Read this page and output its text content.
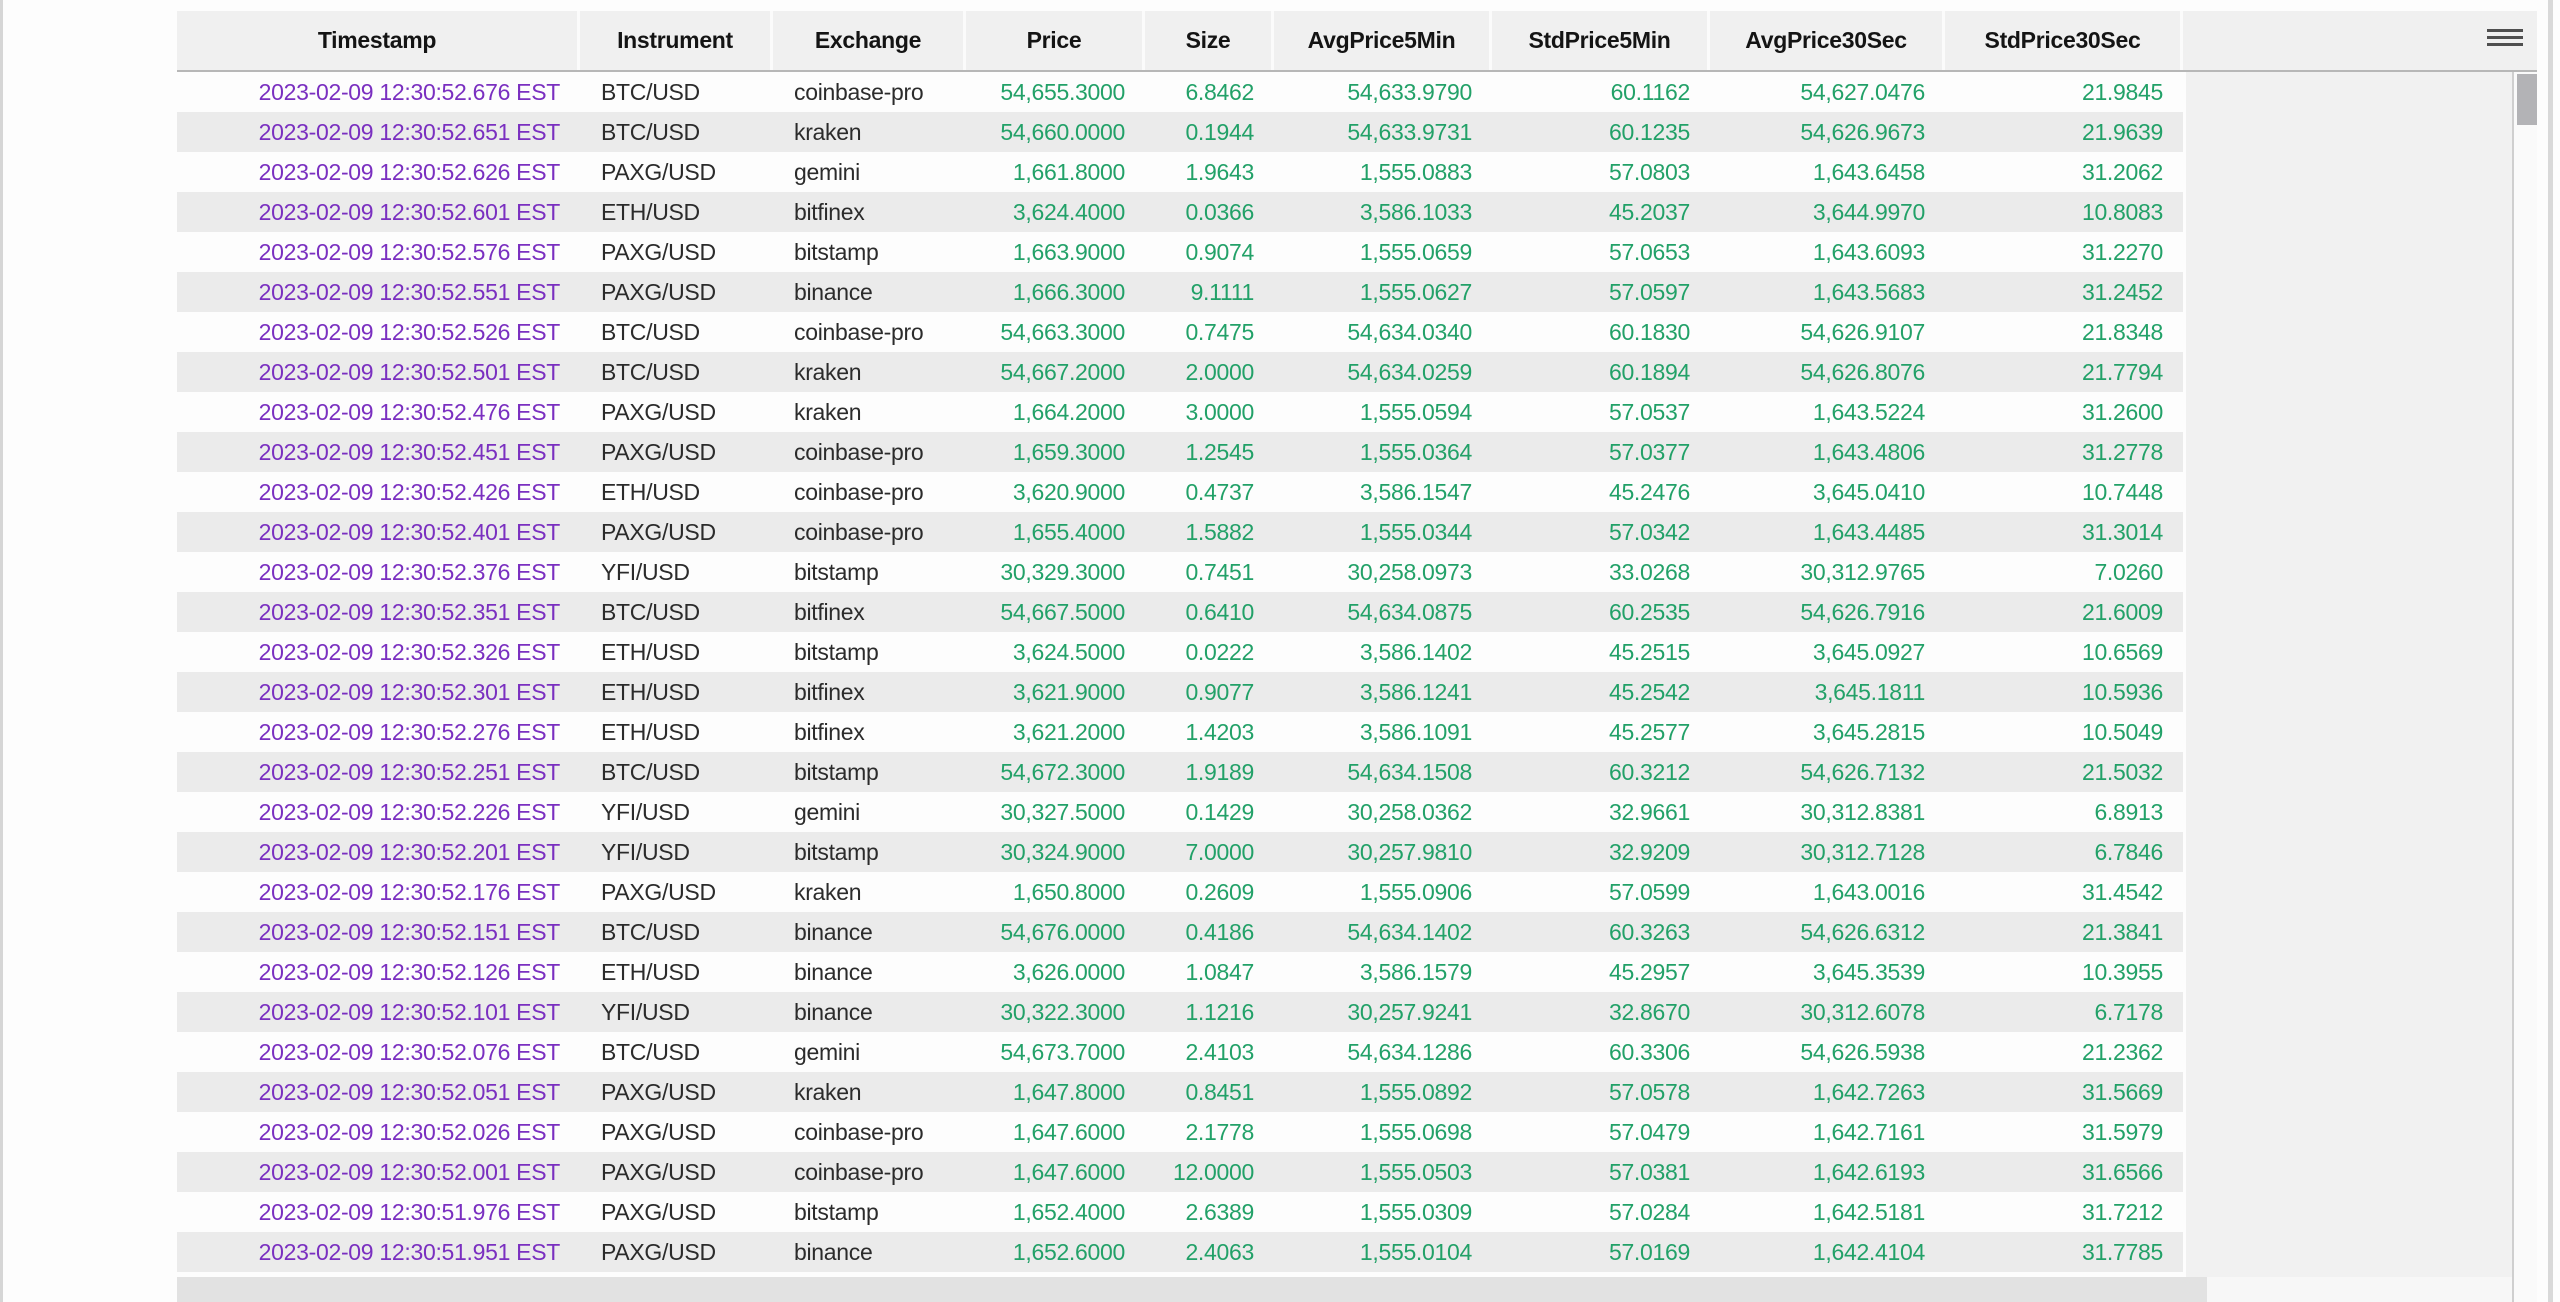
Timestamp	Instrument	Exchange	Price	Size	AvgPrice5Min	StdPrice5Min	AvgPrice30Sec	StdPrice30Sec
2023-02-09 12:30:52.676 EST	BTC/USD	coinbase-pro	54,655.3000	6.8462	54,633.9790	60.1162	54,627.0476	21.9845
2023-02-09 12:30:52.651 EST	BTC/USD	kraken	54,660.0000	0.1944	54,633.9731	60.1235	54,626.9673	21.9639
2023-02-09 12:30:52.626 EST	PAXG/USD	gemini	1,661.8000	1.9643	1,555.0883	57.0803	1,643.6458	31.2062
2023-02-09 12:30:52.601 EST	ETH/USD	bitfinex	3,624.4000	0.0366	3,586.1033	45.2037	3,644.9970	10.8083
2023-02-09 12:30:52.576 EST	PAXG/USD	bitstamp	1,663.9000	0.9074	1,555.0659	57.0653	1,643.6093	31.2270
2023-02-09 12:30:52.551 EST	PAXG/USD	binance	1,666.3000	9.1111	1,555.0627	57.0597	1,643.5683	31.2452
2023-02-09 12:30:52.526 EST	BTC/USD	coinbase-pro	54,663.3000	0.7475	54,634.0340	60.1830	54,626.9107	21.8348
2023-02-09 12:30:52.501 EST	BTC/USD	kraken	54,667.2000	2.0000	54,634.0259	60.1894	54,626.8076	21.7794
2023-02-09 12:30:52.476 EST	PAXG/USD	kraken	1,664.2000	3.0000	1,555.0594	57.0537	1,643.5224	31.2600
2023-02-09 12:30:52.451 EST	PAXG/USD	coinbase-pro	1,659.3000	1.2545	1,555.0364	57.0377	1,643.4806	31.2778
2023-02-09 12:30:52.426 EST	ETH/USD	coinbase-pro	3,620.9000	0.4737	3,586.1547	45.2476	3,645.0410	10.7448
2023-02-09 12:30:52.401 EST	PAXG/USD	coinbase-pro	1,655.4000	1.5882	1,555.0344	57.0342	1,643.4485	31.3014
2023-02-09 12:30:52.376 EST	YFI/USD	bitstamp	30,329.3000	0.7451	30,258.0973	33.0268	30,312.9765	7.0260
2023-02-09 12:30:52.351 EST	BTC/USD	bitfinex	54,667.5000	0.6410	54,634.0875	60.2535	54,626.7916	21.6009
2023-02-09 12:30:52.326 EST	ETH/USD	bitstamp	3,624.5000	0.0222	3,586.1402	45.2515	3,645.0927	10.6569
2023-02-09 12:30:52.301 EST	ETH/USD	bitfinex	3,621.9000	0.9077	3,586.1241	45.2542	3,645.1811	10.5936
2023-02-09 12:30:52.276 EST	ETH/USD	bitfinex	3,621.2000	1.4203	3,586.1091	45.2577	3,645.2815	10.5049
2023-02-09 12:30:52.251 EST	BTC/USD	bitstamp	54,672.3000	1.9189	54,634.1508	60.3212	54,626.7132	21.5032
2023-02-09 12:30:52.226 EST	YFI/USD	gemini	30,327.5000	0.1429	30,258.0362	32.9661	30,312.8381	6.8913
2023-02-09 12:30:52.201 EST	YFI/USD	bitstamp	30,324.9000	7.0000	30,257.9810	32.9209	30,312.7128	6.7846
2023-02-09 12:30:52.176 EST	PAXG/USD	kraken	1,650.8000	0.2609	1,555.0906	57.0599	1,643.0016	31.4542
2023-02-09 12:30:52.151 EST	BTC/USD	binance	54,676.0000	0.4186	54,634.1402	60.3263	54,626.6312	21.3841
2023-02-09 12:30:52.126 EST	ETH/USD	binance	3,626.0000	1.0847	3,586.1579	45.2957	3,645.3539	10.3955
2023-02-09 12:30:52.101 EST	YFI/USD	binance	30,322.3000	1.1216	30,257.9241	32.8670	30,312.6078	6.7178
2023-02-09 12:30:52.076 EST	BTC/USD	gemini	54,673.7000	2.4103	54,634.1286	60.3306	54,626.5938	21.2362
2023-02-09 12:30:52.051 EST	PAXG/USD	kraken	1,647.8000	0.8451	1,555.0892	57.0578	1,642.7263	31.5669
2023-02-09 12:30:52.026 EST	PAXG/USD	coinbase-pro	1,647.6000	2.1778	1,555.0698	57.0479	1,642.7161	31.5979
2023-02-09 12:30:52.001 EST	PAXG/USD	coinbase-pro	1,647.6000	12.0000	1,555.0503	57.0381	1,642.6193	31.6566
2023-02-09 12:30:51.976 EST	PAXG/USD	bitstamp	1,652.4000	2.6389	1,555.0309	57.0284	1,642.5181	31.7212
2023-02-09 12:30:51.951 EST	PAXG/USD	binance	1,652.6000	2.4063	1,555.0104	57.0169	1,642.4104	31.7785
